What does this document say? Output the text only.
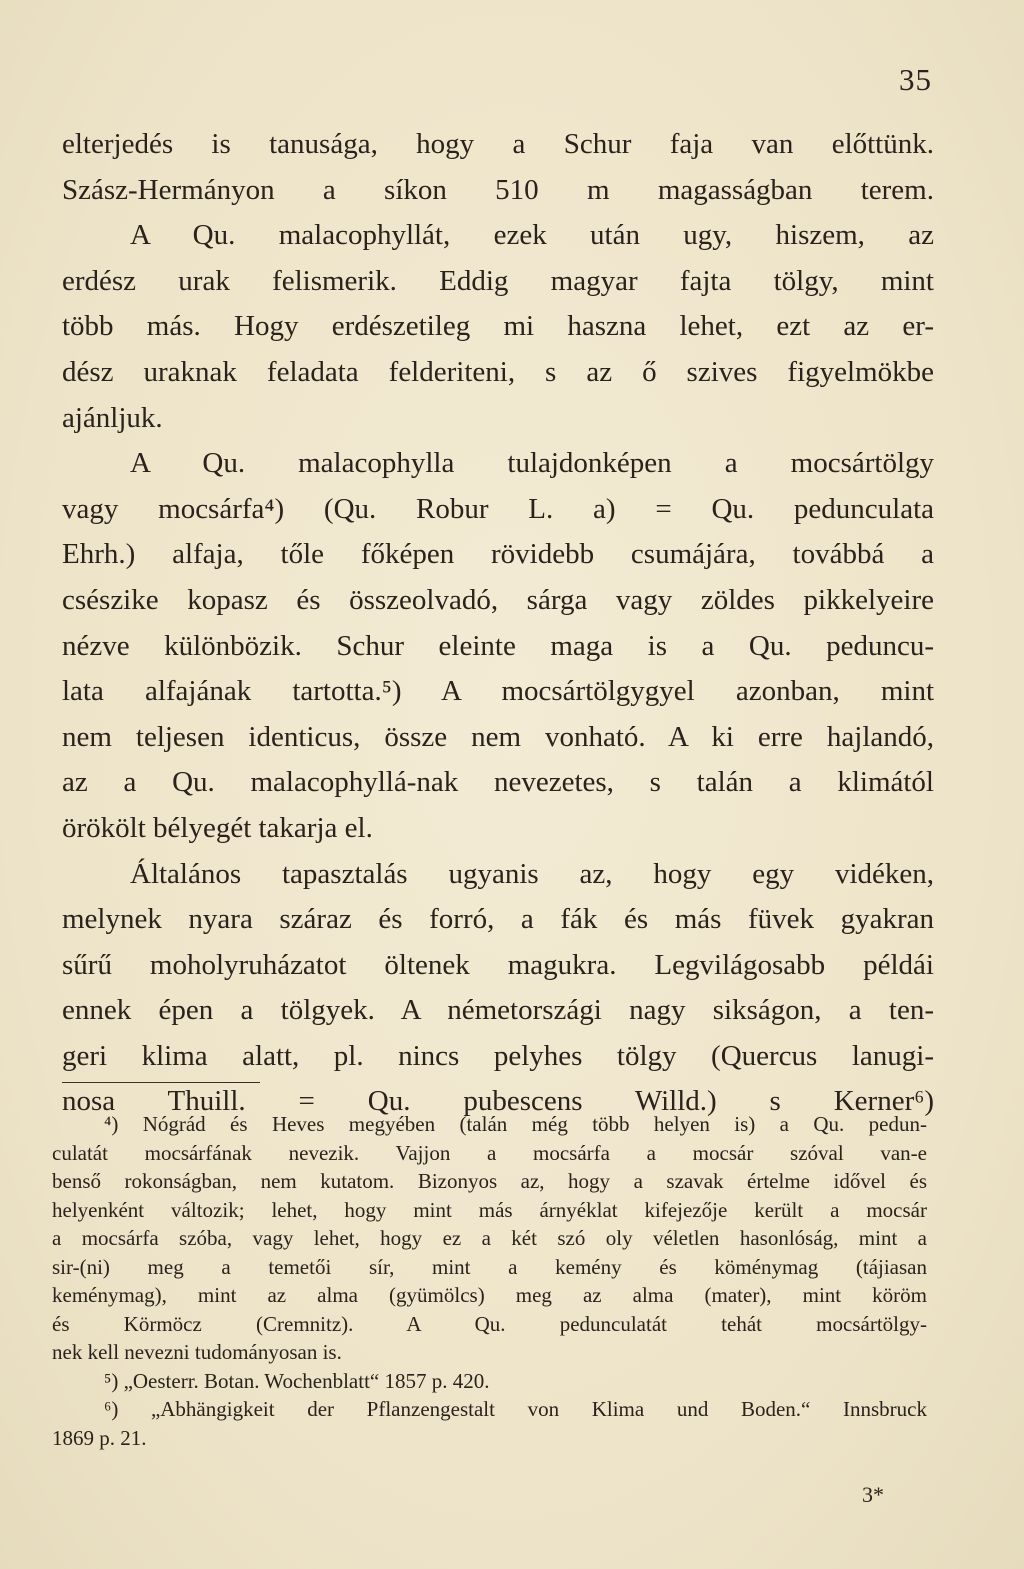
35
elterjedés is tanusága, hogy a Schur faja van előttünk.
Szász-Hermányon a síkon 510 m magasságban terem.
A Qu. malacophyllát, ezek után ugy, hiszem, az
erdész urak felismerik. Eddig magyar fajta tölgy, mint
több más. Hogy erdészetileg mi haszna lehet, ezt az er-
dész uraknak feladata felderiteni, s az ő szives figyelmökbe
ajánljuk.
A Qu. malacophylla tulajdonképen a mocsártölgy
vagy mocsárfa⁴) (Qu. Robur L. a) = Qu. pedunculata
Ehrh.) alfaja, tőle főképen rövidebb csumájára, továbbá a
csészike kopasz és összeolvadó, sárga vagy zöldes pikkelyeire
nézve különbözik. Schur eleinte maga is a Qu. peduncu-
lata alfajának tartotta.⁵) A mocsártölgygyel azonban, mint
nem teljesen identicus, össze nem vonható. A ki erre hajlandó,
az a Qu. malacophyllá-nak nevezetes, s talán a klimától
örökölt bélyegét takarja el.
Általános tapasztalás ugyanis az, hogy egy vidéken,
melynek nyara száraz és forró, a fák és más füvek gyakran
sűrű moholyruházatot öltenek magukra. Legvilágosabb példái
ennek épen a tölgyek. A németországi nagy sikságon, a ten-
geri klima alatt, pl. nincs pelyhes tölgy (Quercus lanugi-
nosa Thuill. = Qu. pubescens Willd.) s Kerner⁶)
⁴) Nógrád és Heves megyében (talán még több helyen is) a Qu. pedun-
culatát mocsárfának nevezik. Vajjon a mocsárfa a mocsár szóval van-e
benső rokonságban, nem kutatom. Bizonyos az, hogy a szavak értelme idővel és
helyenként változik; lehet, hogy mint más árnyéklat kifejezője került a mocsár
a mocsárfa szóba, vagy lehet, hogy ez a két szó oly véletlen hasonlóság, mint a
sir-(ni) meg a temetői sír, mint a kemény és köménymag (tájiasan
keménymag), mint az alma (gyümölcs) meg az alma (mater), mint köröm
és Körmöcz (Cremnitz). A Qu. pedunculatát tehát mocsártölgy-
nek kell nevezni tudományosan is.
⁵) „Oesterr. Botan. Wochenblatt“ 1857 p. 420.
⁶) „Abhängigkeit der Pflanzengestalt von Klima und Boden.“ Innsbruck
1869 p. 21.
3*
